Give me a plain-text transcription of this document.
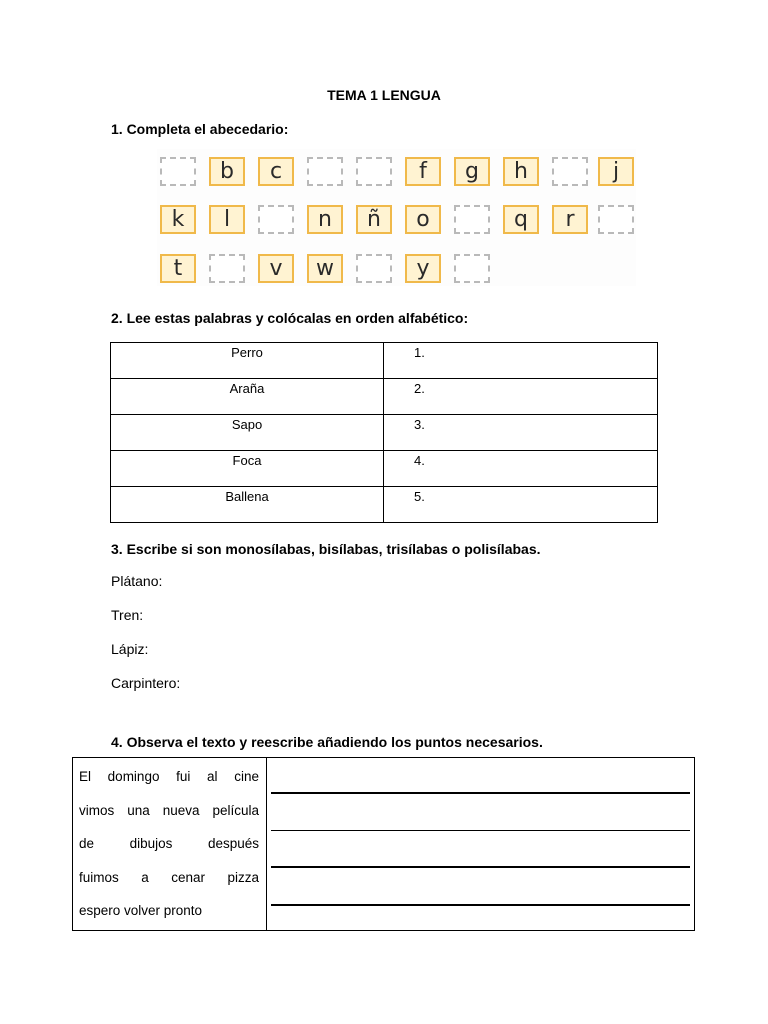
TEMA 1 LENGUA
1. Completa el abecedario:
b	c	f	g	h	j
k	l	n	ñ	o	q	r
t	v	w	y
2. Lee estas palabras y colócalas en orden alfabético:
Perro	1.
Araña	2.
Sapo	3.
Foca	4.
Ballena	5.
3. Escribe si son monosílabas, bisílabas, trisílabas o polisílabas.
Plátano:
Tren:
Lápiz:
Carpintero:
4. Observa el texto y reescribe añadiendo los puntos necesarios.
El domingo fui al cine
vimos una nueva película
de dibujos después
fuimos a cenar pizza
espero volver pronto
